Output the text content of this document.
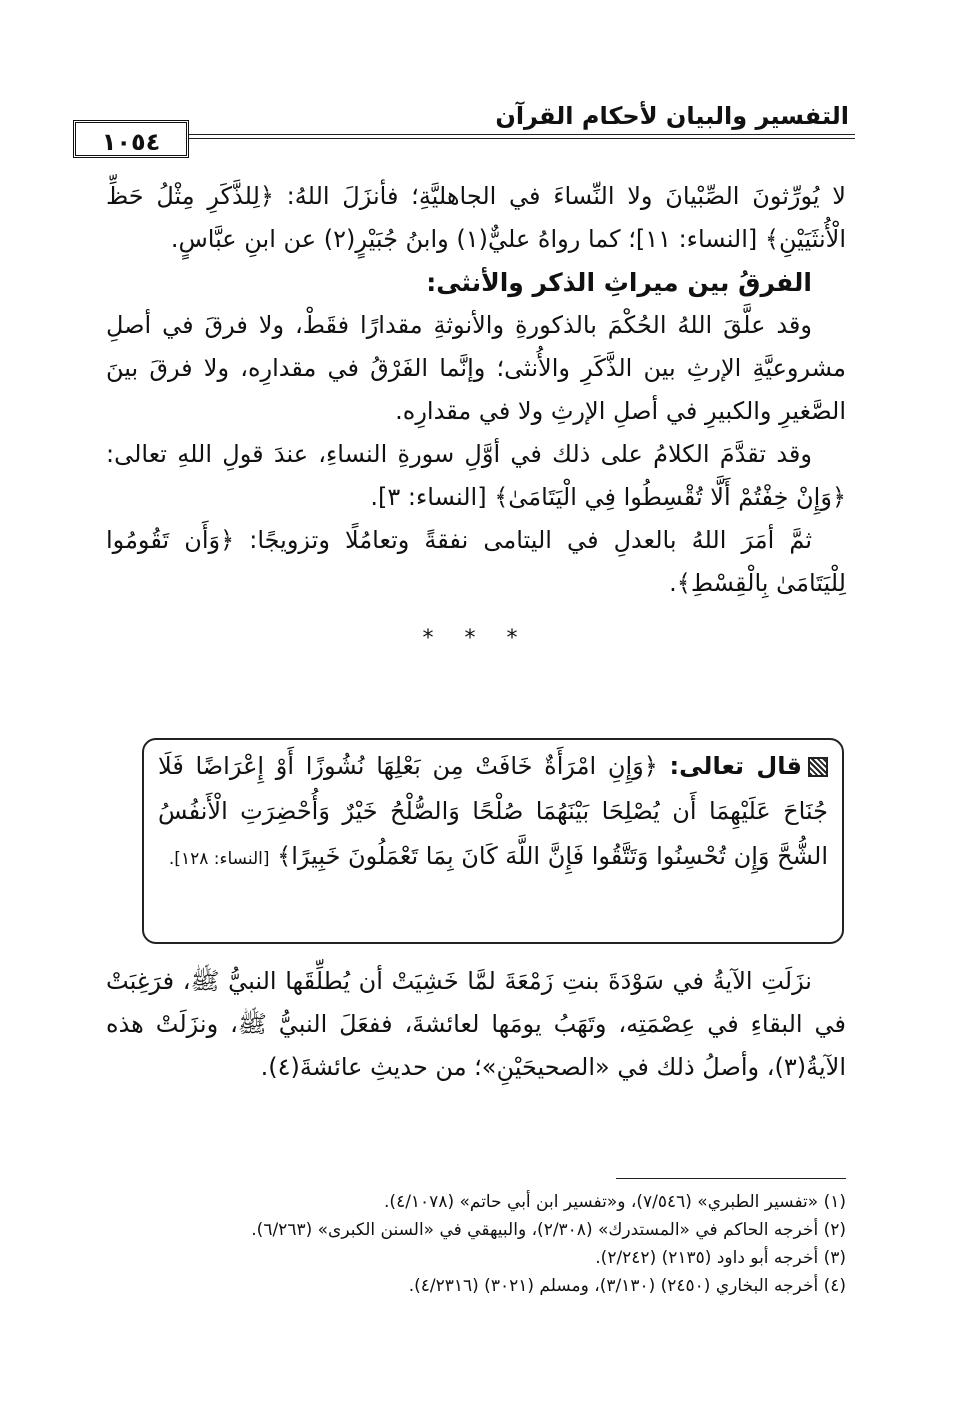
التفسير والبيان لأحكام القرآن
١٠٥٤

لا يُورِّثونَ الصِّبْيانَ ولا النِّساءَ في الجاهليَّةِ؛ فأنزَلَ اللهُ: ﴿لِلذَّكَرِ مِثْلُ حَظِّ الْأُنثَيَيْنِ﴾ [النساء: ١١]؛ كما رواهُ عليٌّ(١) وابنُ جُبَيْرٍ(٢) عن ابنِ عبَّاسٍ.

الفرقُ بين ميراثِ الذكر والأنثى:

وقد علَّقَ اللهُ الحُكْمَ بالذكورةِ والأنوثةِ مقدارًا فقَطْ، ولا فرقَ في أصلِ مشروعيَّةِ الإرثِ بين الذَّكَرِ والأُنثى؛ وإنَّما الفَرْقُ في مقدارِه، ولا فرقَ بينَ الصَّغيرِ والكبيرِ في أصلِ الإرثِ ولا في مقدارِه.

وقد تقدَّمَ الكلامُ على ذلك في أوَّلِ سورةِ النساءِ، عندَ قولِ اللهِ تعالى: ﴿وَإِنْ خِفْتُمْ أَلَّا تُقْسِطُوا فِي الْيَتَامَىٰ﴾ [النساء: ٣].

ثمَّ أمَرَ اللهُ بالعدلِ في اليتامى نفقةً وتعامُلًا وتزويجًا: ﴿وَأَن تَقُومُوا لِلْيَتَامَىٰ بِالْقِسْطِ﴾.

* * *
قال تعالى: ﴿وَإِنِ امْرَأَةٌ خَافَتْ مِن بَعْلِهَا نُشُوزًا أَوْ إِعْرَاضًا فَلَا جُنَاحَ عَلَيْهِمَا أَن يُصْلِحَا بَيْنَهُمَا صُلْحًا وَالصُّلْحُ خَيْرٌ وَأُحْضِرَتِ الْأَنفُسُ الشُّحَّ وَإِن تُحْسِنُوا وَتَتَّقُوا فَإِنَّ اللَّهَ كَانَ بِمَا تَعْمَلُونَ خَبِيرًا﴾ [النساء: ١٢٨].

نزَلَتِ الآيةُ في سَوْدَةَ بنتِ زَمْعَةَ لمَّا خَشِيَتْ أن يُطلِّقَها النبيُّ ﷺ، فرَغِبَتْ في البقاءِ في عِصْمَتِه، وتَهَبُ يومَها لعائشةَ، ففعَلَ النبيُّ ﷺ، ونزَلَتْ هذه الآيةُ(٣)، وأصلُ ذلك في «الصحيحَيْنِ»؛ من حديثِ عائشةَ(٤).

(١) «تفسير الطبري» (٧/٥٤٦)، و«تفسير ابن أبي حاتم» (٤/١٠٧٨).

(٢) أخرجه الحاكم في «المستدرك» (٢/٣٠٨)، والبيهقي في «السنن الكبرى» (٦/٢٦٣).

(٣) أخرجه أبو داود (٢١٣٥) (٢/٢٤٢).

(٤) أخرجه البخاري (٢٤٥٠) (٣/١٣٠)، ومسلم (٣٠٢١) (٤/٢٣١٦).
